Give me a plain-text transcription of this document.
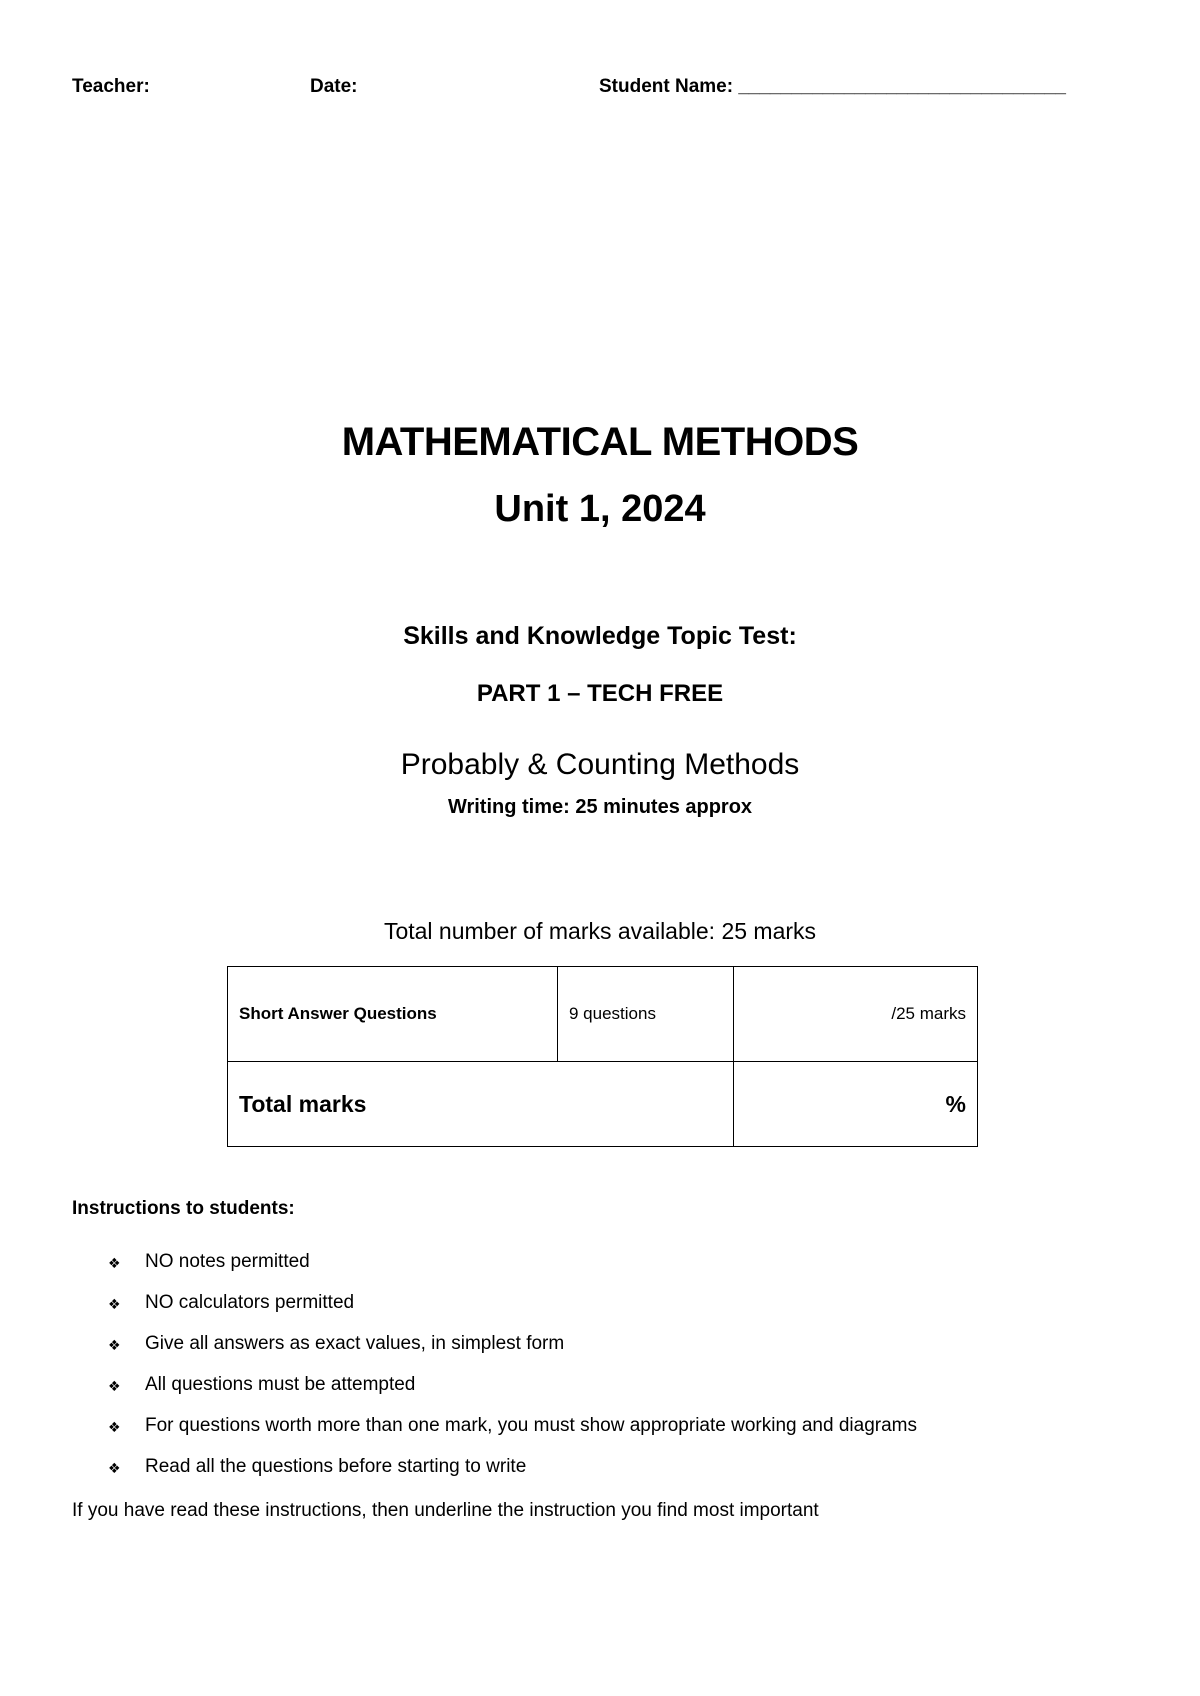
Teacher:	Date:	Student Name: _______________________________
MATHEMATICAL METHODS
Unit 1, 2024
Skills and Knowledge Topic Test:
PART 1 – TECH FREE
Probably & Counting Methods
Writing time: 25 minutes approx
Total number of marks available: 25 marks
Short Answer Questions	9 questions	/25 marks
Total marks		%
Instructions to students:
❖ NO notes permitted
❖ NO calculators permitted
❖ Give all answers as exact values, in simplest form
❖ All questions must be attempted
❖ For questions worth more than one mark, you must show appropriate working and diagrams
❖ Read all the questions before starting to write
If you have read these instructions, then underline the instruction you find most important
